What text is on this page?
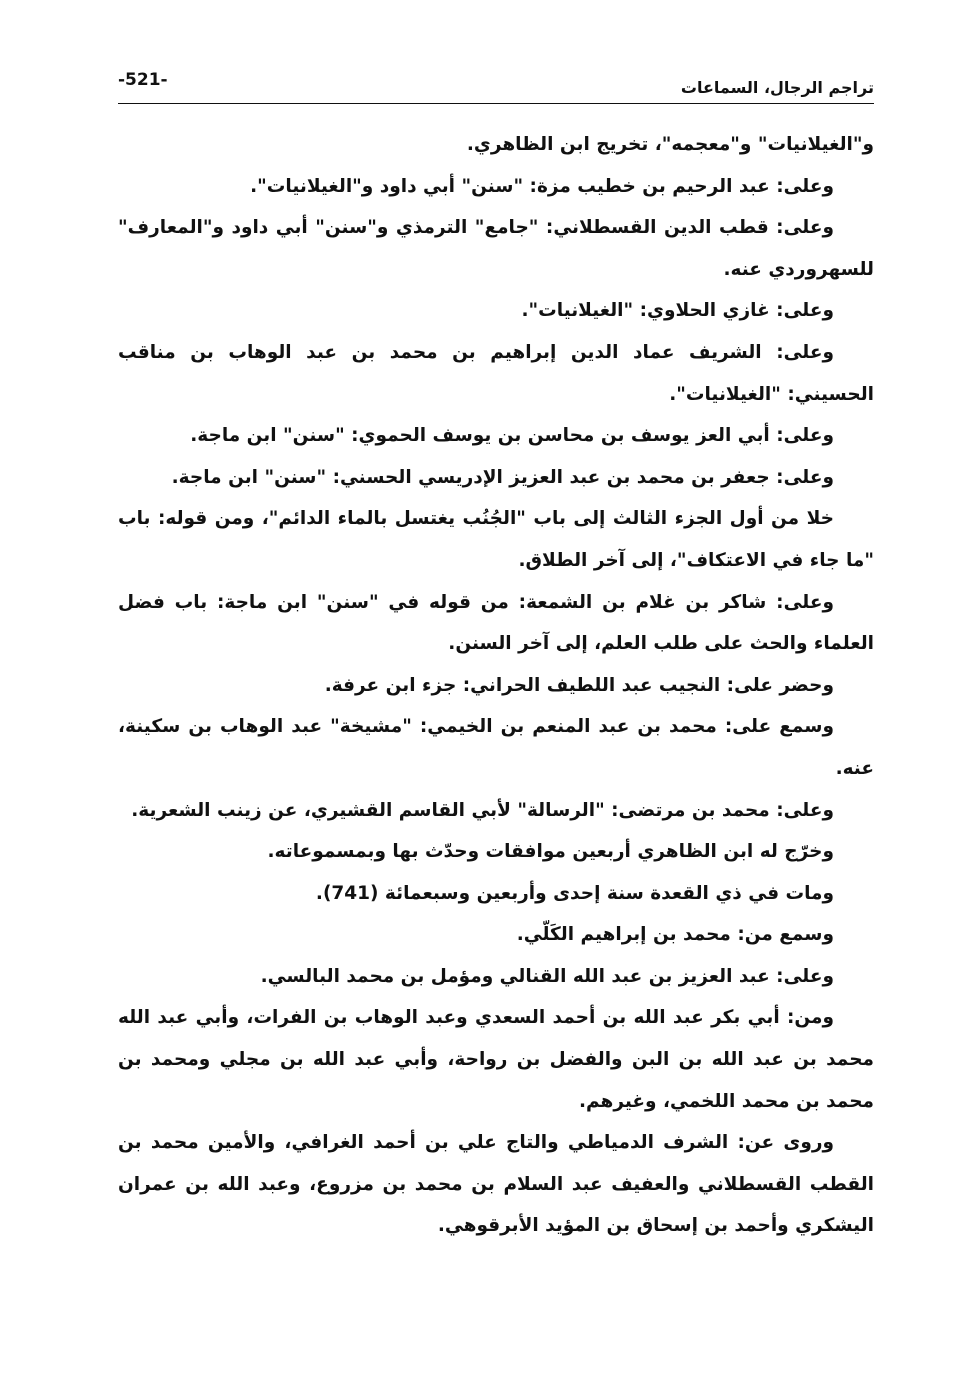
-521-	تراجم الرجال، السماعات

و"الغيلانيات" و"معجمه"، تخريج ابن الظاهري.

وعلى: عبد الرحيم بن خطيب مزة: "سنن" أبي داود و"الغيلانيات".

وعلى: قطب الدين القسطلاني: "جامع" الترمذي و"سنن" أبي داود و"المعارف" للسهروردي عنه.

وعلى: غازي الحلاوي: "الغيلانيات".

وعلى: الشريف عماد الدين إبراهيم بن محمد بن عبد الوهاب بن مناقب الحسيني: "الغيلانيات".

وعلى: أبي العز يوسف بن محاسن بن يوسف الحموي: "سنن" ابن ماجة.

وعلى: جعفر بن محمد بن عبد العزيز الإدريسي الحسني: "سنن" ابن ماجة.

خلا من أول الجزء الثالث إلى باب "الجُنُب يغتسل بالماء الدائم"، ومن قوله: باب "ما جاء في الاعتكاف"، إلى آخر الطلاق.

وعلى: شاكر بن غلام بن الشمعة: من قوله في "سنن" ابن ماجة: باب فضل العلماء والحث على طلب العلم، إلى آخر السنن.

وحضر على: النجيب عبد اللطيف الحراني: جزء ابن عرفة.

وسمع على: محمد بن عبد المنعم بن الخيمي: "مشيخة" عبد الوهاب بن سكينة، عنه.

وعلى: محمد بن مرتضى: "الرسالة" لأبي القاسم القشيري، عن زينب الشعرية.

وخرّج له ابن الظاهري أربعين موافقات وحدّث بها وبمسموعاته.

ومات في ذي القعدة سنة إحدى وأربعين وسبعمائة (741).

وسمع من: محمد بن إبراهيم الكَلّي.

وعلى: عبد العزيز بن عبد الله القنالي ومؤمل بن محمد البالسي.

ومن: أبي بكر عبد الله بن أحمد السعدي وعبد الوهاب بن الفرات، وأبي عبد الله محمد بن عبد الله بن البن والفضل بن رواحة، وأبي عبد الله بن مجلي ومحمد بن محمد بن محمد اللخمي، وغيرهم.

وروى عن: الشرف الدمياطي والتاج علي بن أحمد الغرافي، والأمين محمد بن القطب القسطلاني والعفيف عبد السلام بن محمد بن مزروع، وعبد الله بن عمران اليشكري وأحمد بن إسحاق بن المؤيد الأبرقوهي.
